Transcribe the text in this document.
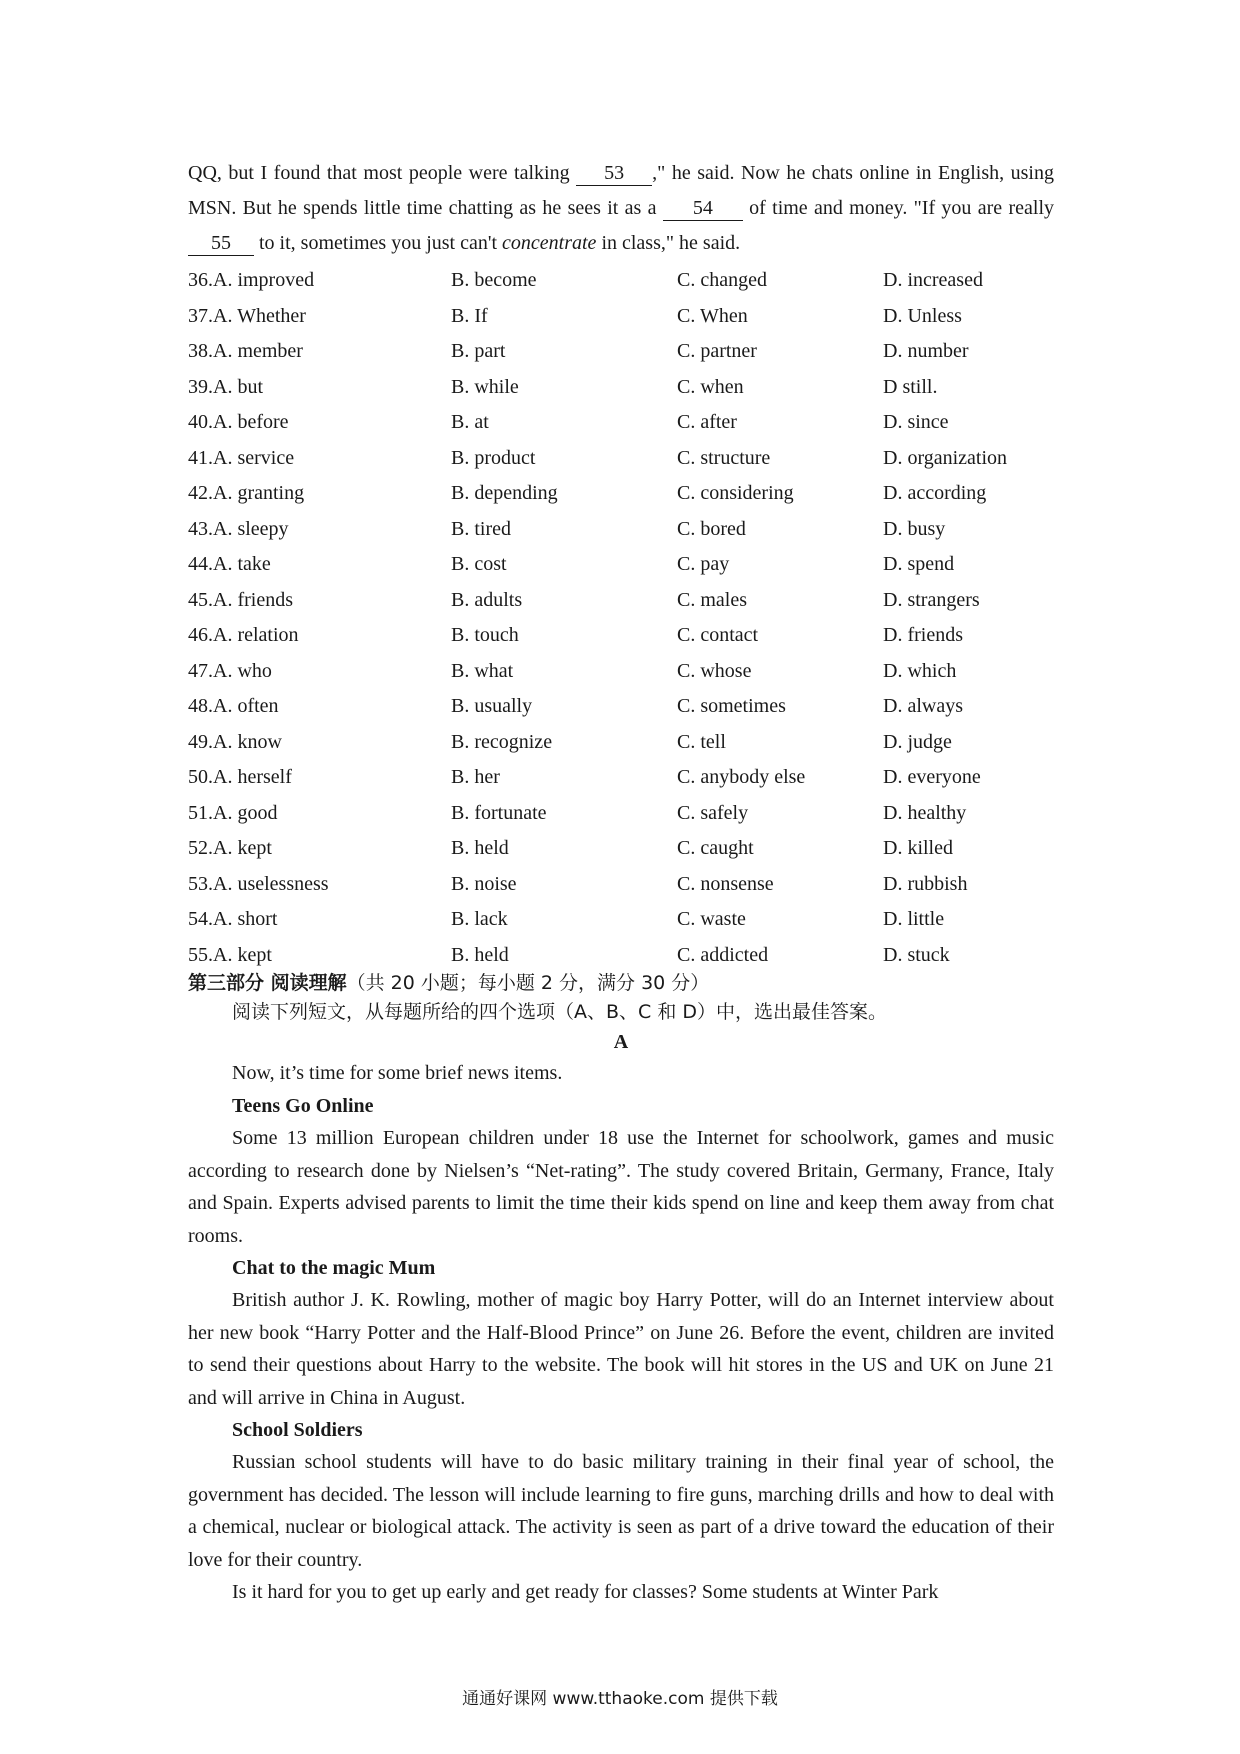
QQ, but I found that most people were talking 53 ," he said. Now he chats online in English, using MSN. But he spends little time chatting as he sees it as a 54 of time and money. "If you are really 55 to it, sometimes you just can't concentrate in class," he said.

36.A. improved	B. become	C. changed	D. increased
37.A. Whether	B. If	C. When	D. Unless
38.A. member	B. part	C. partner	D. number
39.A. but	B. while	C. when	D still.
40.A. before	B. at	C. after	D. since
41.A. service	B. product	C. structure	D. organization
42.A. granting	B. depending	C. considering	D. according
43.A. sleepy	B. tired	C. bored	D. busy
44.A. take	B. cost	C. pay	D. spend
45.A. friends	B. adults	C. males	D. strangers
46.A. relation	B. touch	C. contact	D. friends
47.A. who	B. what	C. whose	D. which
48.A. often	B. usually	C. sometimes	D. always
49.A. know	B. recognize	C. tell	D. judge
50.A. herself	B. her	C. anybody else	D. everyone
51.A. good	B. fortunate	C. safely	D. healthy
52.A. kept	B. held	C. caught	D. killed
53.A. uselessness	B. noise	C. nonsense	D. rubbish
54.A. short	B. lack	C. waste	D. little
55.A. kept	B. held	C. addicted	D. stuck
第三部分 阅读理解（共 20 小题；每小题 2 分，满分 30 分）
阅读下列短文，从每题所给的四个选项（A、B、C 和 D）中，选出最佳答案。
A
Now, it’s time for some brief news items.
Teens Go Online

Some 13 million European children under 18 use the Internet for schoolwork, games and music according to research done by Nielsen’s “Net-rating”. The study covered Britain, Germany, France, Italy and Spain. Experts advised parents to limit the time their kids spend on line and keep them away from chat rooms.

Chat to the magic Mum

British author J. K. Rowling, mother of magic boy Harry Potter, will do an Internet interview about her new book “Harry Potter and the Half-Blood Prince” on June 26. Before the event, children are invited to send their questions about Harry to the website. The book will hit stores in the US and UK on June 21 and will arrive in China in August.

School Soldiers

Russian school students will have to do basic military training in their final year of school, the government has decided. The lesson will include learning to fire guns, marching drills and how to deal with a chemical, nuclear or biological attack. The activity is seen as part of a drive toward the education of their love for their country.

Is it hard for you to get up early and get ready for classes? Some students at Winter Park

通通好课网 www.tthaoke.com 提供下载
